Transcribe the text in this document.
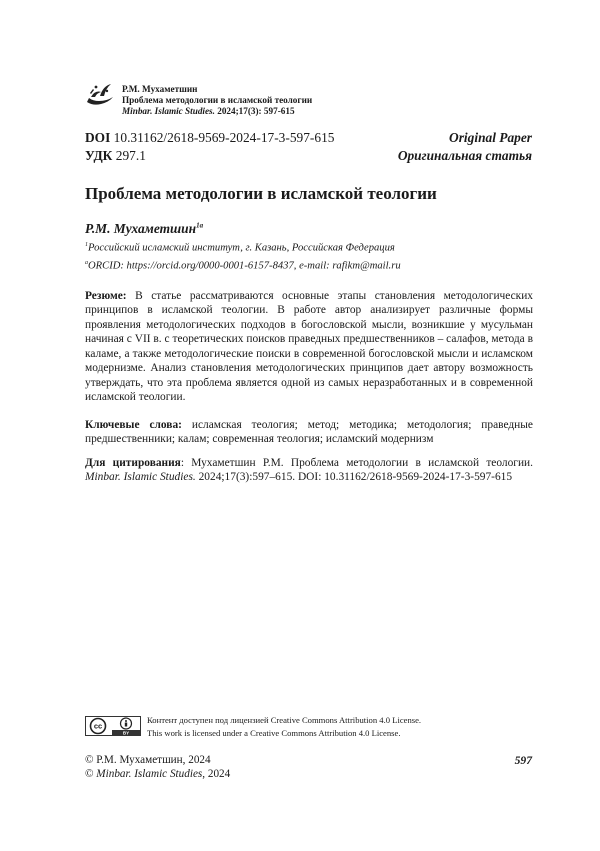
Р.М. Мухаметшин
Проблема методологии в исламской теологии
Minbar. Islamic Studies. 2024;17(3): 597-615
DOI 10.31162/2618-9569-2024-17-3-597-615
УДК 297.1
Original Paper
Оригинальная статья
Проблема методологии в исламской теологии
Р.М. Мухаметшин$^{1a}$
$^1$Российский исламский институт, г. Казань, Российская Федерация
$^a$ORCID: https://orcid.org/0000-0001-6157-8437, e-mail: rafikm@mail.ru
Резюме: В статье рассматриваются основные этапы становления методологических принципов в исламской теологии. В работе автор анализирует различные формы проявления методологических подходов в богословской мысли, возникшие у мусульман начиная с VII в. с теоретических поисков праведных предшественников – салафов, метода в каламе, а также методологические поиски в современной богословской мысли и исламском модернизме. Анализ становления методологических принципов дает автору возможность утверждать, что эта проблема является одной из самых неразработанных и в современной исламской теологии.
Ключевые слова: исламская теология; метод; методика; методология; праведные предшественники; калам; современная теология; исламский модернизм
Для цитирования: Мухаметшин Р.М. Проблема методологии в исламской теологии. Minbar. Islamic Studies. 2024;17(3):597–615. DOI: 10.31162/2618-9569-2024-17-3-597-615
cc
BY
Контент доступен под лицензией Creative Commons Attribution 4.0 License.
This work is licensed under a Creative Commons Attribution 4.0 License.
© Р.М. Мухаметшин, 2024
© Minbar. Islamic Studies, 2024
597
